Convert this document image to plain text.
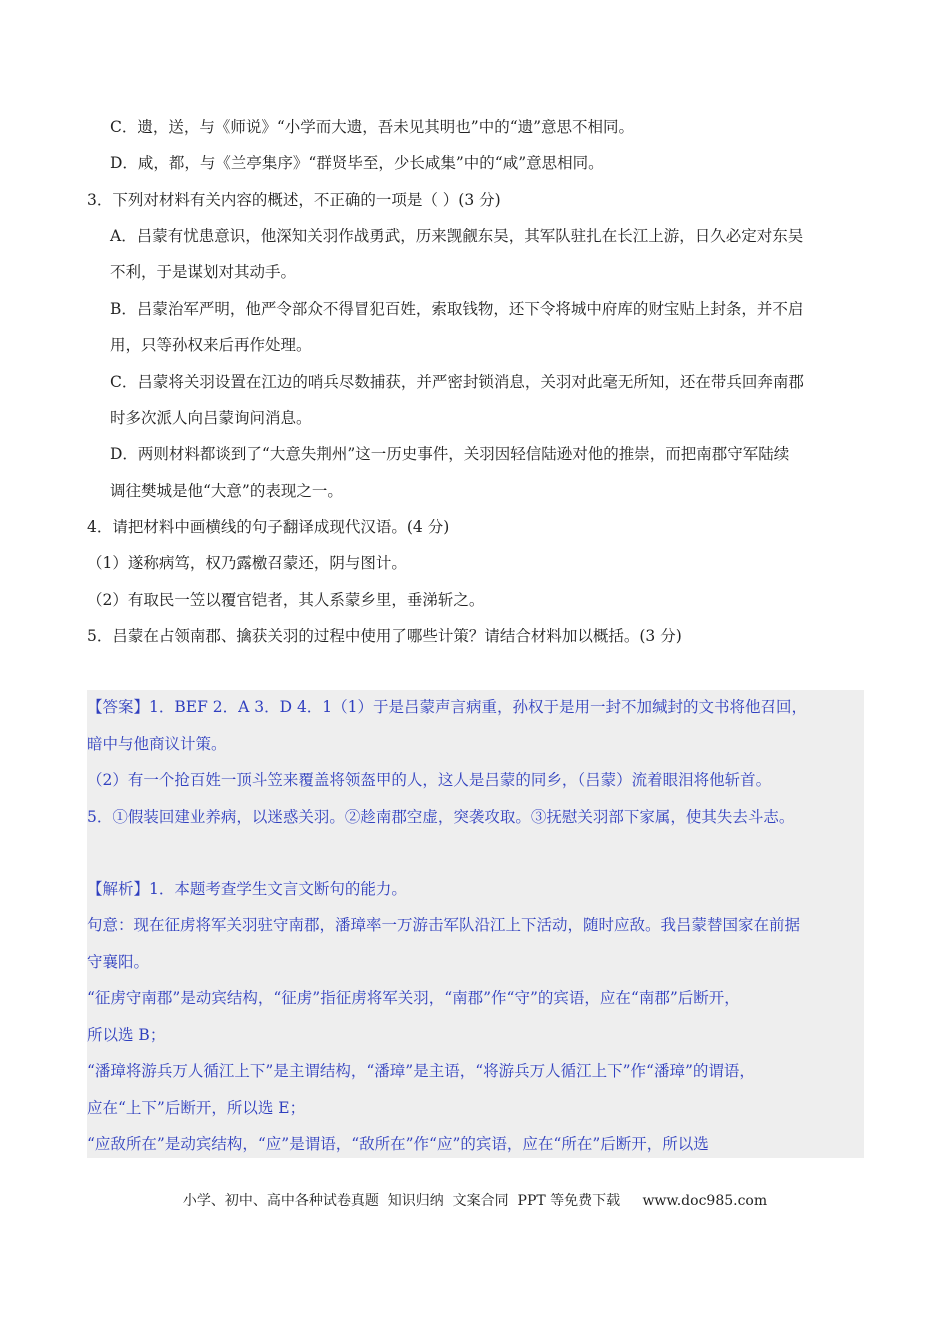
C．遗，送，与《师说》“小学而大遗，吾未见其明也”中的“遗”意思不相同。
D．咸，都，与《兰亭集序》“群贤毕至，少长咸集”中的“咸”意思相同。
3．下列对材料有关内容的概述，不正确的一项是（ ）(3 分)
A．吕蒙有忧患意识，他深知关羽作战勇武，历来觊觎东吴，其军队驻扎在长江上游，日久必定对东吴
不利，于是谋划对其动手。
B．吕蒙治军严明，他严令部众不得冒犯百姓，索取钱物，还下令将城中府库的财宝贴上封条，并不启
用，只等孙权来后再作处理。
C．吕蒙将关羽设置在江边的哨兵尽数捕获，并严密封锁消息，关羽对此毫无所知，还在带兵回奔南郡
时多次派人向吕蒙询问消息。
D．两则材料都谈到了“大意失荆州”这一历史事件，关羽因轻信陆逊对他的推崇，而把南郡守军陆续
调往樊城是他“大意”的表现之一。
4．请把材料中画横线的句子翻译成现代汉语。(4 分)
（1）遂称病笃，权乃露檄召蒙还，阴与图计。
（2）有取民一笠以覆官铠者，其人系蒙乡里，垂涕斩之。
5．吕蒙在占领南郡、擒获关羽的过程中使用了哪些计策？请结合材料加以概括。(3 分)
【答案】1．BEF 2．A 3．D 4．1（1）于是吕蒙声言病重，孙权于是用一封不加缄封的文书将他召回，
暗中与他商议计策。
（2）有一个抢百姓一顶斗笠来覆盖将领盔甲的人，这人是吕蒙的同乡，（吕蒙）流着眼泪将他斩首。
5．①假装回建业养病，以迷惑关羽。②趁南郡空虚，突袭攻取。③抚慰关羽部下家属，使其失去斗志。
【解析】1．本题考查学生文言文断句的能力。
句意：现在征虏将军关羽驻守南郡，潘璋率一万游击军队沿江上下活动，随时应敌。我吕蒙替国家在前据
守襄阳。
“征虏守南郡”是动宾结构，“征虏”指征虏将军关羽，“南郡”作“守”的宾语，应在“南郡”后断开，
所以选 B；
“潘璋将游兵万人循江上下”是主谓结构，“潘璋”是主语，“将游兵万人循江上下”作“潘璋”的谓语，
应在“上下”后断开，所以选 E；
“应敌所在”是动宾结构，“应”是谓语，“敌所在”作“应”的宾语，应在“所在”后断开，所以选
小学、初中、高中各种试卷真题  知识归纳  文案合同  PPT 等免费下载     www.doc985.com
